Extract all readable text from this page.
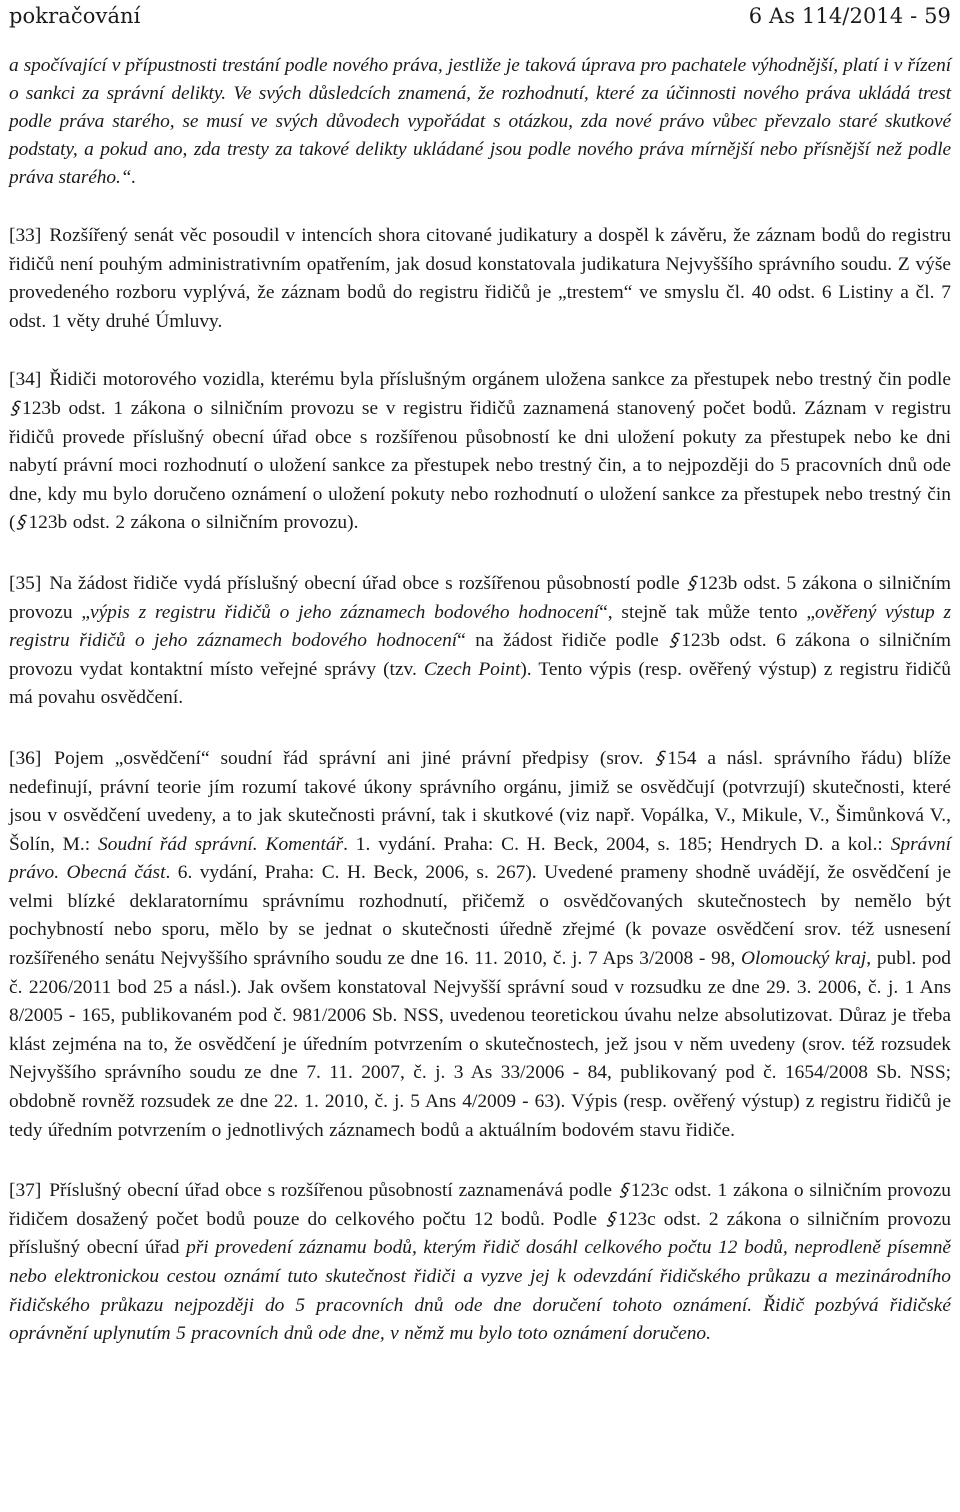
pokračování	6 As 114/2014 - 59
a spočívající v přípustnosti trestání podle nového práva, jestliže je taková úprava pro pachatele výhodnější, platí i v řízení o sankci za správní delikty. Ve svých důsledcích znamená, že rozhodnutí, které za účinnosti nového práva ukládá trest podle práva starého, se musí ve svých důvodech vypořádat s otázkou, zda nové právo vůbec převzalo staré skutkové podstaty, a pokud ano, zda tresty za takové delikty ukládané jsou podle nového práva mírnější nebo přísnější než podle práva starého.“.
[33] Rozšířený senát věc posoudil v intencích shora citované judikatury a dospěl k závěru, že záznam bodů do registru řidičů není pouhým administrativním opatřením, jak dosud konstatovala judikatura Nejvyššího správního soudu. Z výše provedeného rozboru vyplývá, že záznam bodů do registru řidičů je „trestem“ ve smyslu čl. 40 odst. 6 Listiny a čl. 7 odst. 1 věty druhé Úmluvy.
[34] Řidiči motorového vozidla, kterému byla příslušným orgánem uložena sankce za přestupek nebo trestný čin podle §123b odst. 1 zákona o silničním provozu se v registru řidičů zaznamená stanovený počet bodů. Záznam v registru řidičů provede příslušný obecní úřad obce s rozšířenou působností ke dni uložení pokuty za přestupek nebo ke dni nabytí právní moci rozhodnutí o uložení sankce za přestupek nebo trestný čin, a to nejpozději do 5 pracovních dnů ode dne, kdy mu bylo doručeno oznámení o uložení pokuty nebo rozhodnutí o uložení sankce za přestupek nebo trestný čin (§123b odst. 2 zákona o silničním provozu).
[35] Na žádost řidiče vydá příslušný obecní úřad obce s rozšířenou působností podle §123b odst. 5 zákona o silničním provozu „výpis z registru řidičů o jeho záznamech bodového hodnocení“, stejně tak může tento „ověřený výstup z registru řidičů o jeho záznamech bodového hodnocení“ na žádost řidiče podle §123b odst. 6 zákona o silničním provozu vydat kontaktní místo veřejné správy (tzv. Czech Point). Tento výpis (resp. ověřený výstup) z registru řidičů má povahu osvědčení.
[36] Pojem „osvědčení“ soudní řád správní ani jiné právní předpisy (srov. §154 a násl. správního řádu) blíže nedefinují, právní teorie jím rozumí takové úkony správního orgánu, jimiž se osvědčují (potvrzují) skutečnosti, které jsou v osvědčení uvedeny, a to jak skutečnosti právní, tak i skutkové (viz např. Vopálka, V., Mikule, V., Šimůnková V., Šolín, M.: Soudní řád správní. Komentář. 1. vydání. Praha: C. H. Beck, 2004, s. 185; Hendrych D. a kol.: Správní právo. Obecná část. 6. vydání, Praha: C. H. Beck, 2006, s. 267). Uvedené prameny shodně uvádějí, že osvědčení je velmi blízké deklaratornímu správnímu rozhodnutí, přičemž o osvědčovaných skutečnostech by nemělo být pochybností nebo sporu, mělo by se jednat o skutečnosti úředně zřejmé (k povaze osvědčení srov. též usnesení rozšířeného senátu Nejvyššího správního soudu ze dne 16. 11. 2010, č. j. 7 Aps 3/2008 - 98, Olomoucký kraj, publ. pod č. 2206/2011 bod 25 a násl.). Jak ovšem konstatoval Nejvyšší správní soud v rozsudku ze dne 29. 3. 2006, č. j. 1 Ans 8/2005 - 165, publikovaném pod č. 981/2006 Sb. NSS, uvedenou teoretickou úvahu nelze absolutizovat. Důraz je třeba klást zejména na to, že osvědčení je úředním potvrzením o skutečnostech, jež jsou v něm uvedeny (srov. též rozsudek Nejvyššího správního soudu ze dne 7. 11. 2007, č. j. 3 As 33/2006 - 84, publikovaný pod č. 1654/2008 Sb. NSS; obdobně rovněž rozsudek ze dne 22. 1. 2010, č. j. 5 Ans 4/2009 - 63). Výpis (resp. ověřený výstup) z registru řidičů je tedy úředním potvrzením o jednotlivých záznamech bodů a aktuálním bodovém stavu řidiče.
[37] Příslušný obecní úřad obce s rozšířenou působností zaznamenává podle §123c odst. 1 zákona o silničním provozu řidičem dosažený počet bodů pouze do celkového počtu 12 bodů. Podle §123c odst. 2 zákona o silničním provozu příslušný obecní úřad při provedení záznamu bodů, kterým řidič dosáhl celkového počtu 12 bodů, neprodleně písemně nebo elektronickou cestou oznámí tuto skutečnost řidiči a vyzve jej k odevzdání řidičského průkazu a mezinárodního řidičského průkazu nejpozději do 5 pracovních dnů ode dne doručení tohoto oznámení. Řidič pozbývá řidičské oprávnění uplynutím 5 pracovních dnů ode dne, v němž mu bylo toto oznámení doručeno.
